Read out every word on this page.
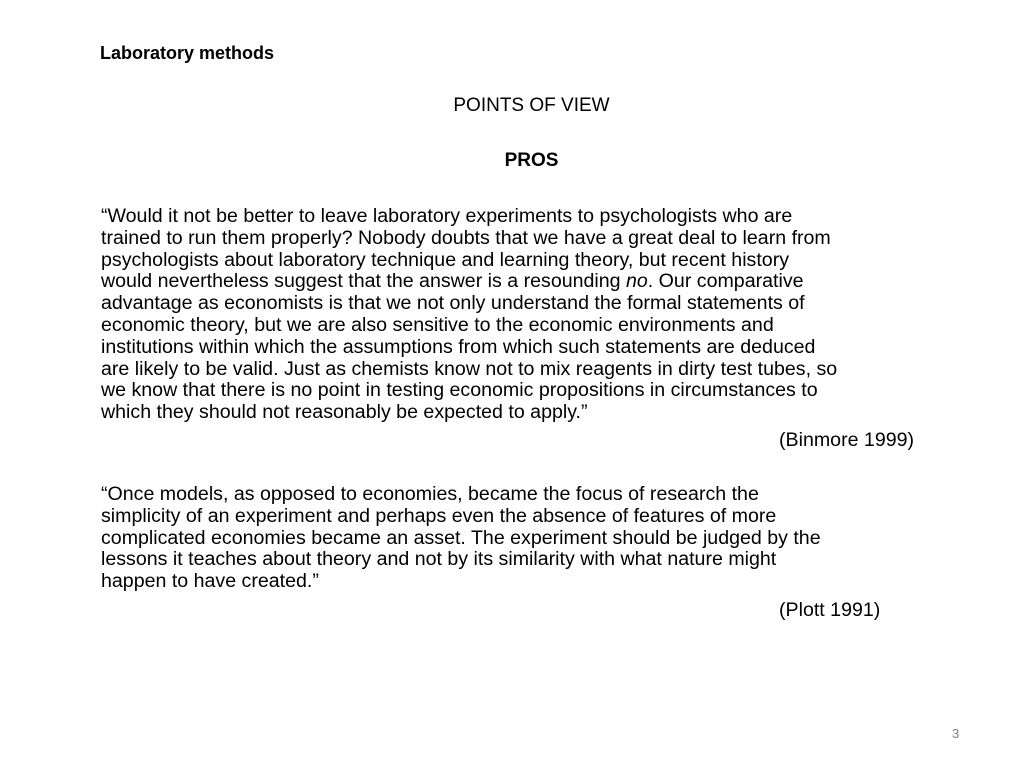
Laboratory methods
POINTS OF VIEW
PROS
“Would it not be better to leave laboratory experiments to psychologists who are
trained to run them properly? Nobody doubts that we have a great deal to learn from
psychologists about laboratory technique and learning theory, but recent history
would nevertheless suggest that the answer is a resounding no. Our comparative
advantage as economists is that we not only understand the formal statements of
economic theory, but we are also sensitive to the economic environments and
institutions within which the assumptions from which such statements are deduced
are likely to be valid. Just as chemists know not to mix reagents in dirty test tubes, so
we know that there is no point in testing economic propositions in circumstances to
which they should not reasonably be expected to apply.”
(Binmore 1999)
“Once models, as opposed to economies, became the focus of research the
simplicity of an experiment and perhaps even the absence of features of more
complicated economies became an asset. The experiment should be judged by the
lessons it teaches about theory and not by its similarity with what nature might
happen to have created.”
(Plott 1991)
3
